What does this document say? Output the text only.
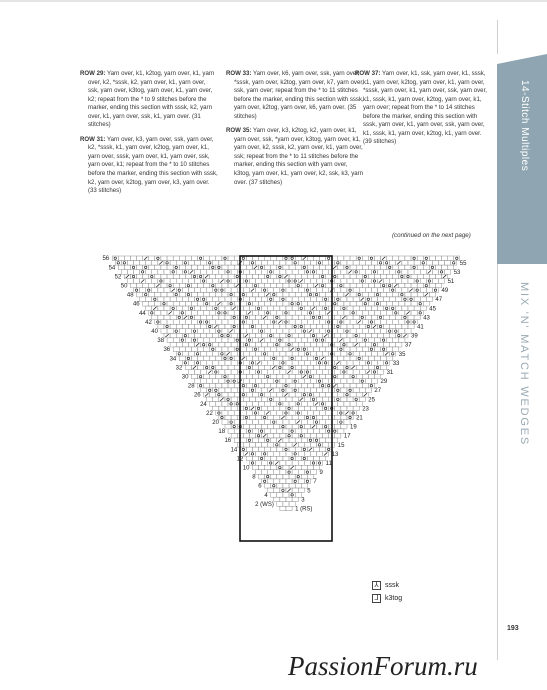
ROW 29: Yarn over, k1, k2tog, yarn over, k1, yarn over, k2, *sssk, k2, yarn over, k1, yarn over, ssk, yarn over, k3tog, yarn over, k1, yarn over, k2; repeat from the * to 9 stitches before the marker, ending this section with sssk, k2, yarn over, k1, yarn over, ssk, k1, yarn over. (31 stitches)

ROW 31: Yarn over, k3, yarn over, ssk, yarn over, k2, *sssk, k1, yarn over, k2tog, yarn over, k1, yarn over, sssk, yarn over, k1, yarn over, ssk, yarn over, k1; repeat from the * to 10 stitches before the marker, ending this section with sssk, k2, yarn over, k2tog, yarn over, k3, yarn over. (33 stitches)

ROW 33: Yarn over, k6, yarn over, ssk, yarn over, *sssk, yarn over, k2tog, yarn over, k7, yarn over, ssk, yarn over; repeat from the * to 11 stitches before the marker, ending this section with sssk, yarn over, k2tog, yarn over, k6, yarn over. (35 stitches)

ROW 35: Yarn over, k3, k2tog, k2, yarn over, k1, yarn over, ssk, *yarn over, k3tog, yarn over, k1, yarn over, k2, sssk, k2, yarn over, k1, yarn over, ssk; repeat from the * to 11 stitches before the marker, ending this section with yarn over, k3tog, yarn over, k1, yarn over, k2, ssk, k3, yarn over. (37 stitches)

ROW 37: Yarn over, k1, ssk, yarn over, k1, sssk, k1, yarn over, k2tog, yarn over, k1, yarn over, *sssk, yarn over, k1, yarn over, ssk, yarn over, k1, sssk, k1, yarn over, k2tog, yarn over, k1, yarn over; repeat from the * to 14 stitches before the marker, ending this section with sssk, yarn over, k1, yarn over, ssk, yarn over, k1, sssk, k1, yarn over, k2tog, k1, yarn over. (39 stitches)

(continued on the next page)
14-Stitch Multiples
MIX 'N' MATCH WEDGES
56
54
52
50
48
46
44
42
40
38
36
34
32
30
28
26
24
22
20
18
16
14
12
10
8
6
4
2 (WS)
55
53
51
49
47
45
43
41
39
37
35
33
31
29
27
25
23
21
19
17
15
13
11
9
7
5
3
1 (RS)
⅄ sssk
⅃ k3tog
193
PassionForum.ru
